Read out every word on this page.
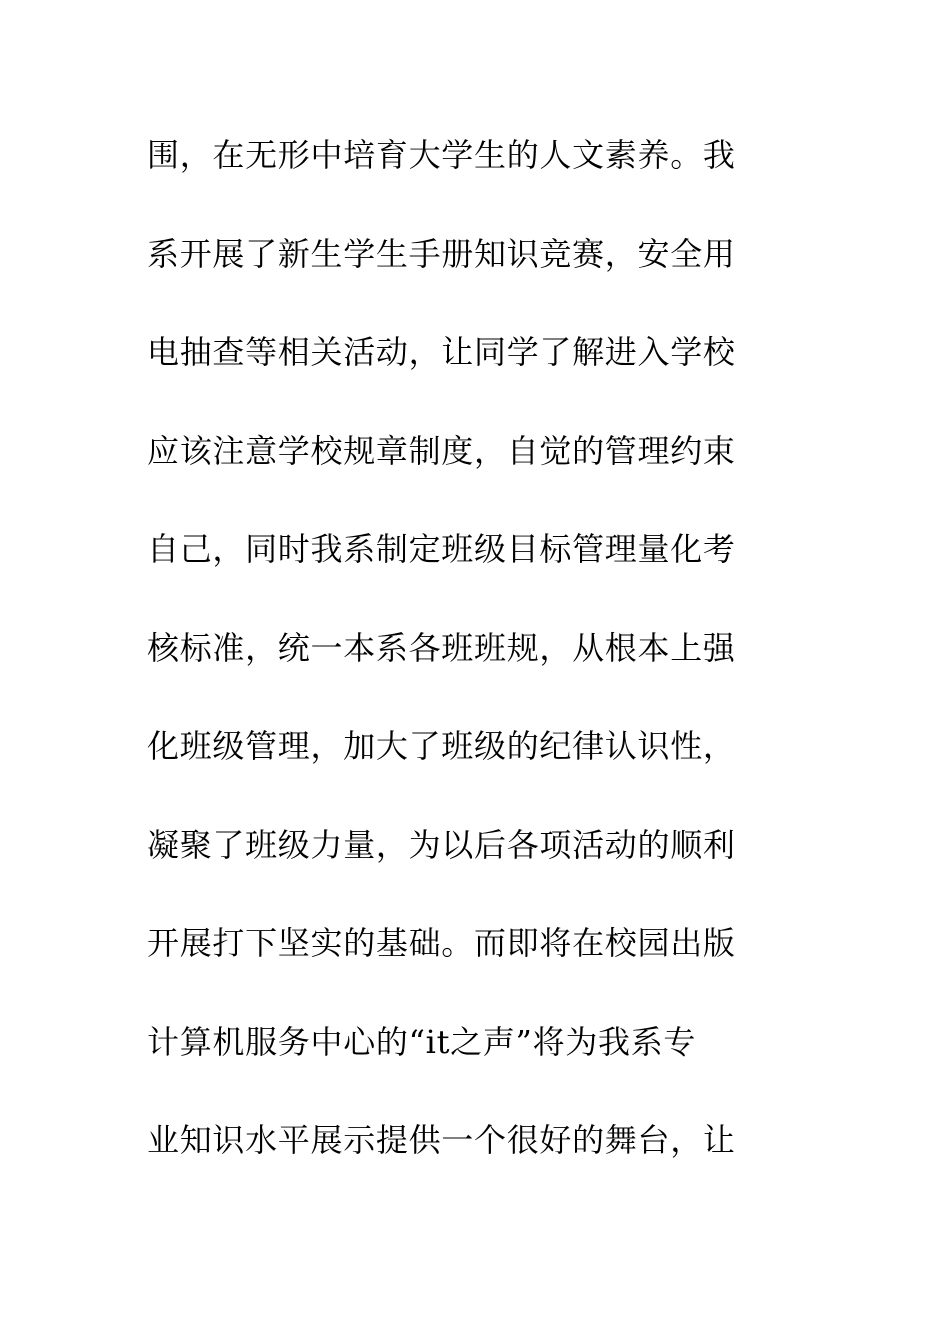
围，在无形中培育大学生的人文素养。我
系开展了新生学生手册知识竞赛，安全用
电抽查等相关活动，让同学了解进入学校
应该注意学校规章制度，自觉的管理约束
自己，同时我系制定班级目标管理量化考
核标准，统一本系各班班规，从根本上强
化班级管理，加大了班级的纪律认识性，
凝聚了班级力量，为以后各项活动的顺利
开展打下坚实的基础。而即将在校园出版
计算机服务中心的“it之声”将为我系专
业知识水平展示提供一个很好的舞台，让
